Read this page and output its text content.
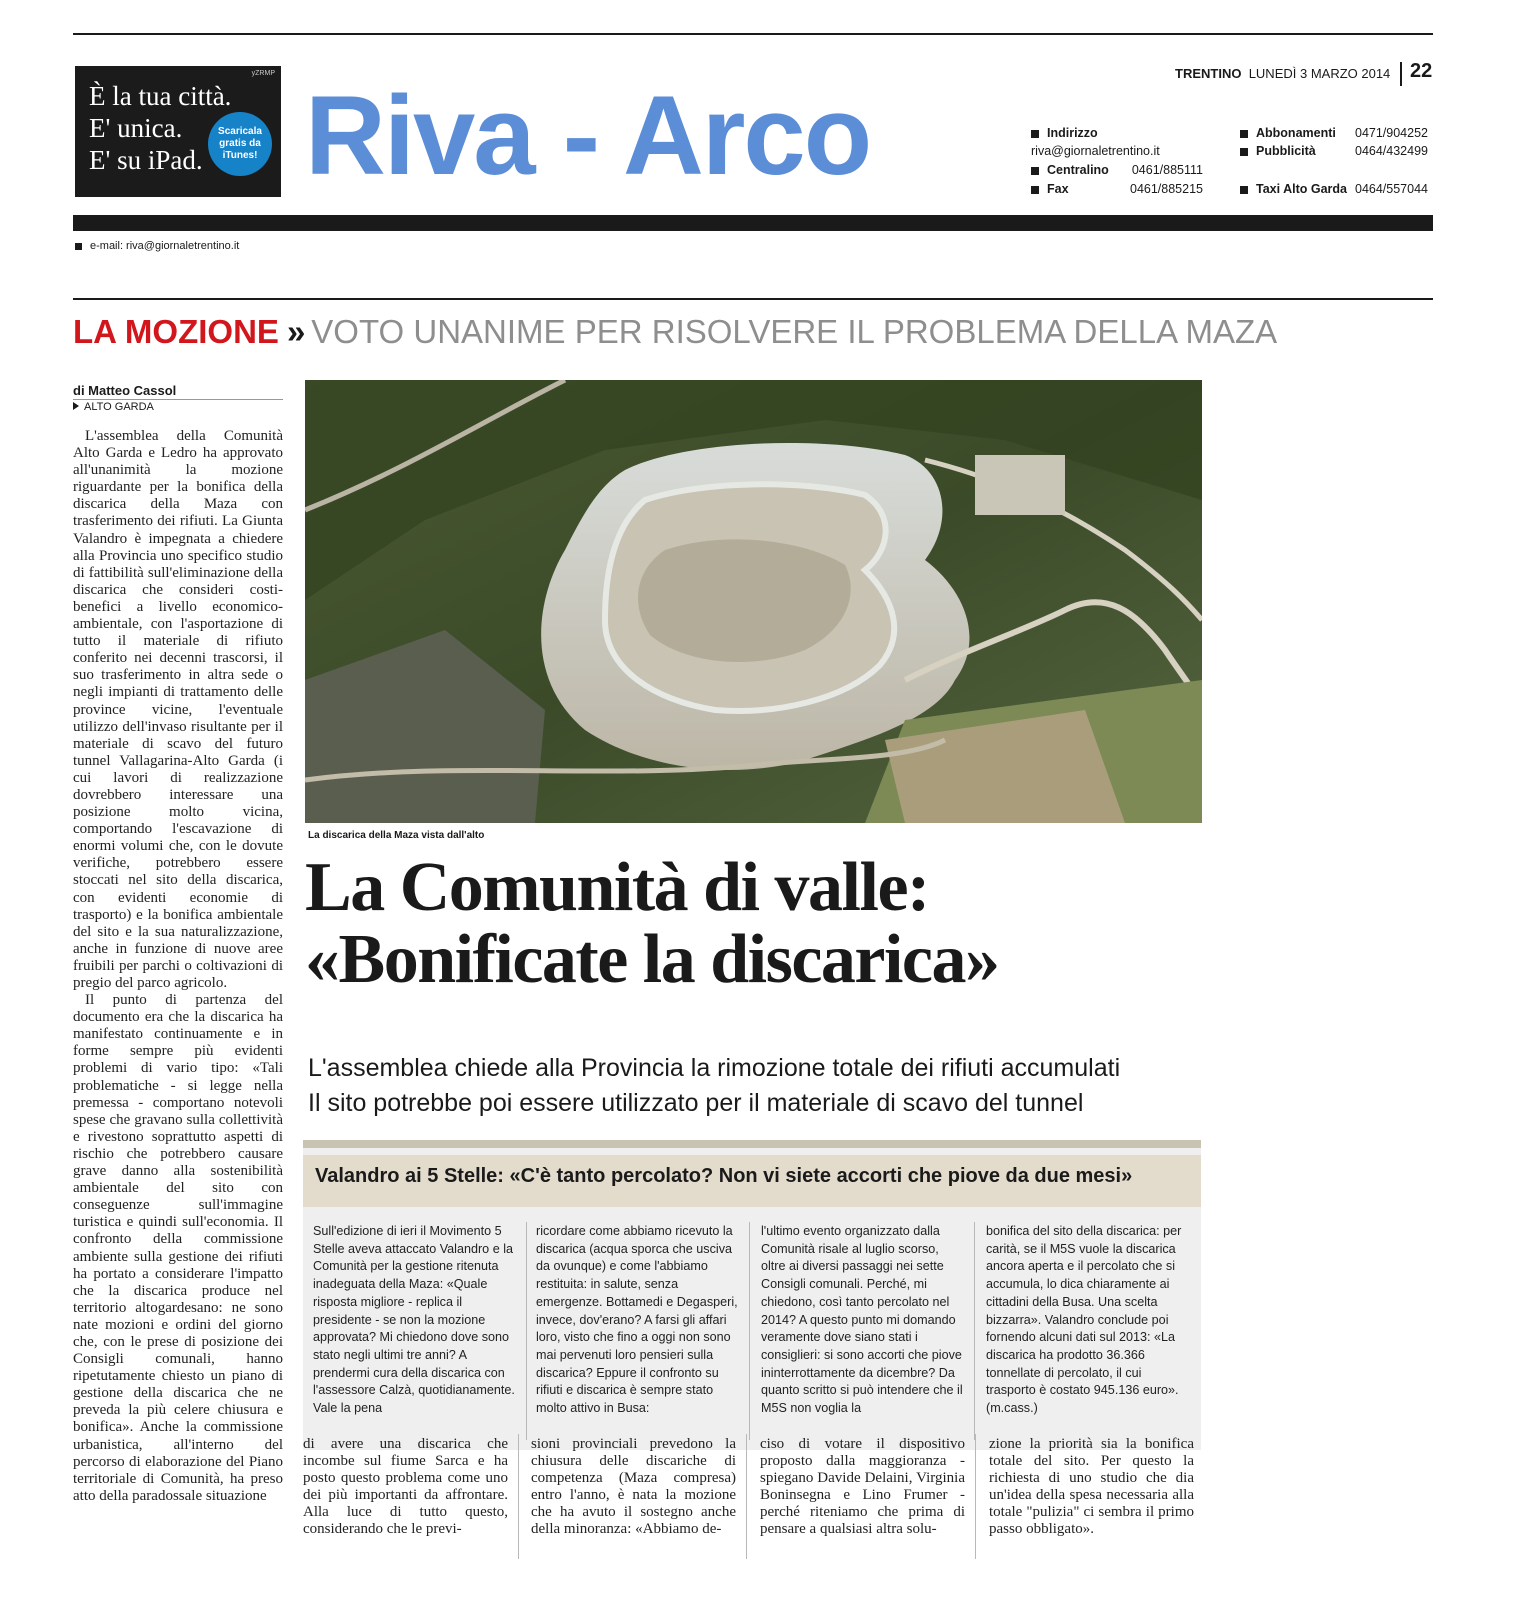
yZRMP
È la tua città.
E' unica.
E' su iPad.
Scaricala gratis da iTunes! Riva - Arco	TRENTINO LUNEDÌ 3 MARZO 2014 22
Indirizzo
riva@giornaletrentino.it
Centralino 0461/885111
Fax	0461/885215
Abbonamenti 0471/904252
Pubblicità	0464/432499
Taxi Alto Garda 0464/557044
e-mail: riva@giornaletrentino.it
LA MOZIONE » VOTO UNANIME PER RISOLVERE IL PROBLEMA DELLA MAZA
di Matteo Cassol
ALTO GARDA

L'assemblea della Comunità Alto Garda e Ledro ha approvato all'unanimità la mozione riguardante per la bonifica della discarica della Maza con trasferimento dei rifiuti. La Giunta Valandro è impegnata a chiedere alla Provincia uno specifico studio di fattibilità sull'eliminazione della discarica che consideri costi-benefici a livello economico-ambientale, con l'asportazione di tutto il materiale di rifiuto conferito nei decenni trascorsi, il suo trasferimento in altra sede o negli impianti di trattamento delle province vicine, l'eventuale utilizzo dell'invaso risultante per il materiale di scavo del futuro tunnel Vallagarina-Alto Garda (i cui lavori di realizzazione dovrebbero interessare una posizione molto vicina, comportando l'escavazione di enormi volumi che, con le dovute verifiche, potrebbero essere stoccati nel sito della discarica, con evidenti economie di trasporto) e la bonifica ambientale del sito e la sua naturalizzazione, anche in funzione di nuove aree fruibili per parchi o coltivazioni di pregio del parco agricolo.

Il punto di partenza del documento era che la discarica ha manifestato continuamente e in forme sempre più evidenti problemi di vario tipo: «Tali problematiche - si legge nella premessa - comportano notevoli spese che gravano sulla collettività e rivestono soprattutto aspetti di rischio che potrebbero causare grave danno alla sostenibilità ambientale del sito con conseguenze sull'immagine turistica e quindi sull'economia. Il confronto della commissione ambiente sulla gestione dei rifiuti ha portato a considerare l'impatto che la discarica produce nel territorio altogardesano: ne sono nate mozioni e ordini del giorno che, con le prese di posizione dei Consigli comunali, hanno ripetutamente chiesto un piano di gestione della discarica che ne preveda la più celere chiusura e bonifica». Anche la commissione urbanistica, all'interno del percorso di elaborazione del Piano territoriale di Comunità, ha preso atto della paradossale situazione

La discarica della Maza vista dall'alto
La Comunità di valle:
«Bonificate la discarica»
L'assemblea chiede alla Provincia la rimozione totale dei rifiuti accumulati
Il sito potrebbe poi essere utilizzato per il materiale di scavo del tunnel
Valandro ai 5 Stelle: «C'è tanto percolato? Non vi siete accorti che piove da due mesi»
Sull'edizione di ieri il Movimento 5 Stelle aveva attaccato Valandro e la Comunità per la gestione ritenuta inadeguata della Maza: «Quale risposta migliore - replica il presidente - se non la mozione approvata? Mi chiedono dove sono stato negli ultimi tre anni? A prendermi cura della discarica con l'assessore Calzà, quotidianamente. Vale la pena
ricordare come abbiamo ricevuto la discarica (acqua sporca che usciva da ovunque) e come l'abbiamo restituita: in salute, senza emergenze. Bottamedi e Degasperi, invece, dov'erano? A farsi gli affari loro, visto che fino a oggi non sono mai pervenuti loro pensieri sulla discarica? Eppure il confronto su rifiuti e discarica è sempre stato molto attivo in Busa:
l'ultimo evento organizzato dalla Comunità risale al luglio scorso, oltre ai diversi passaggi nei sette Consigli comunali. Perché, mi chiedono, così tanto percolato nel 2014? A questo punto mi domando veramente dove siano stati i consiglieri: si sono accorti che piove ininterrottamente da dicembre? Da quanto scritto si può intendere che il M5S non voglia la
bonifica del sito della discarica: per carità, se il M5S vuole la discarica ancora aperta e il percolato che si accumula, lo dica chiaramente ai cittadini della Busa. Una scelta bizzarra». Valandro conclude poi fornendo alcuni dati sul 2013: «La discarica ha prodotto 36.366 tonnellate di percolato, il cui trasporto è costato 945.136 euro». (m.cass.)
di avere una discarica che incombe sul fiume Sarca e ha posto questo problema come uno dei più importanti da affrontare. Alla luce di tutto questo, considerando che le previ-
sioni provinciali prevedono la chiusura delle discariche di competenza (Maza compresa) entro l'anno, è nata la mozione che ha avuto il sostegno anche della minoranza: «Abbiamo de-
ciso di votare il dispositivo proposto dalla maggioranza - spiegano Davide Delaini, Virginia Boninsegna e Lino Frumer - perché riteniamo che prima di pensare a qualsiasi altra solu-
zione la priorità sia la bonifica totale del sito. Per questo la richiesta di uno studio che dia un'idea della spesa necessaria alla totale "pulizia" ci sembra il primo passo obbligato».
